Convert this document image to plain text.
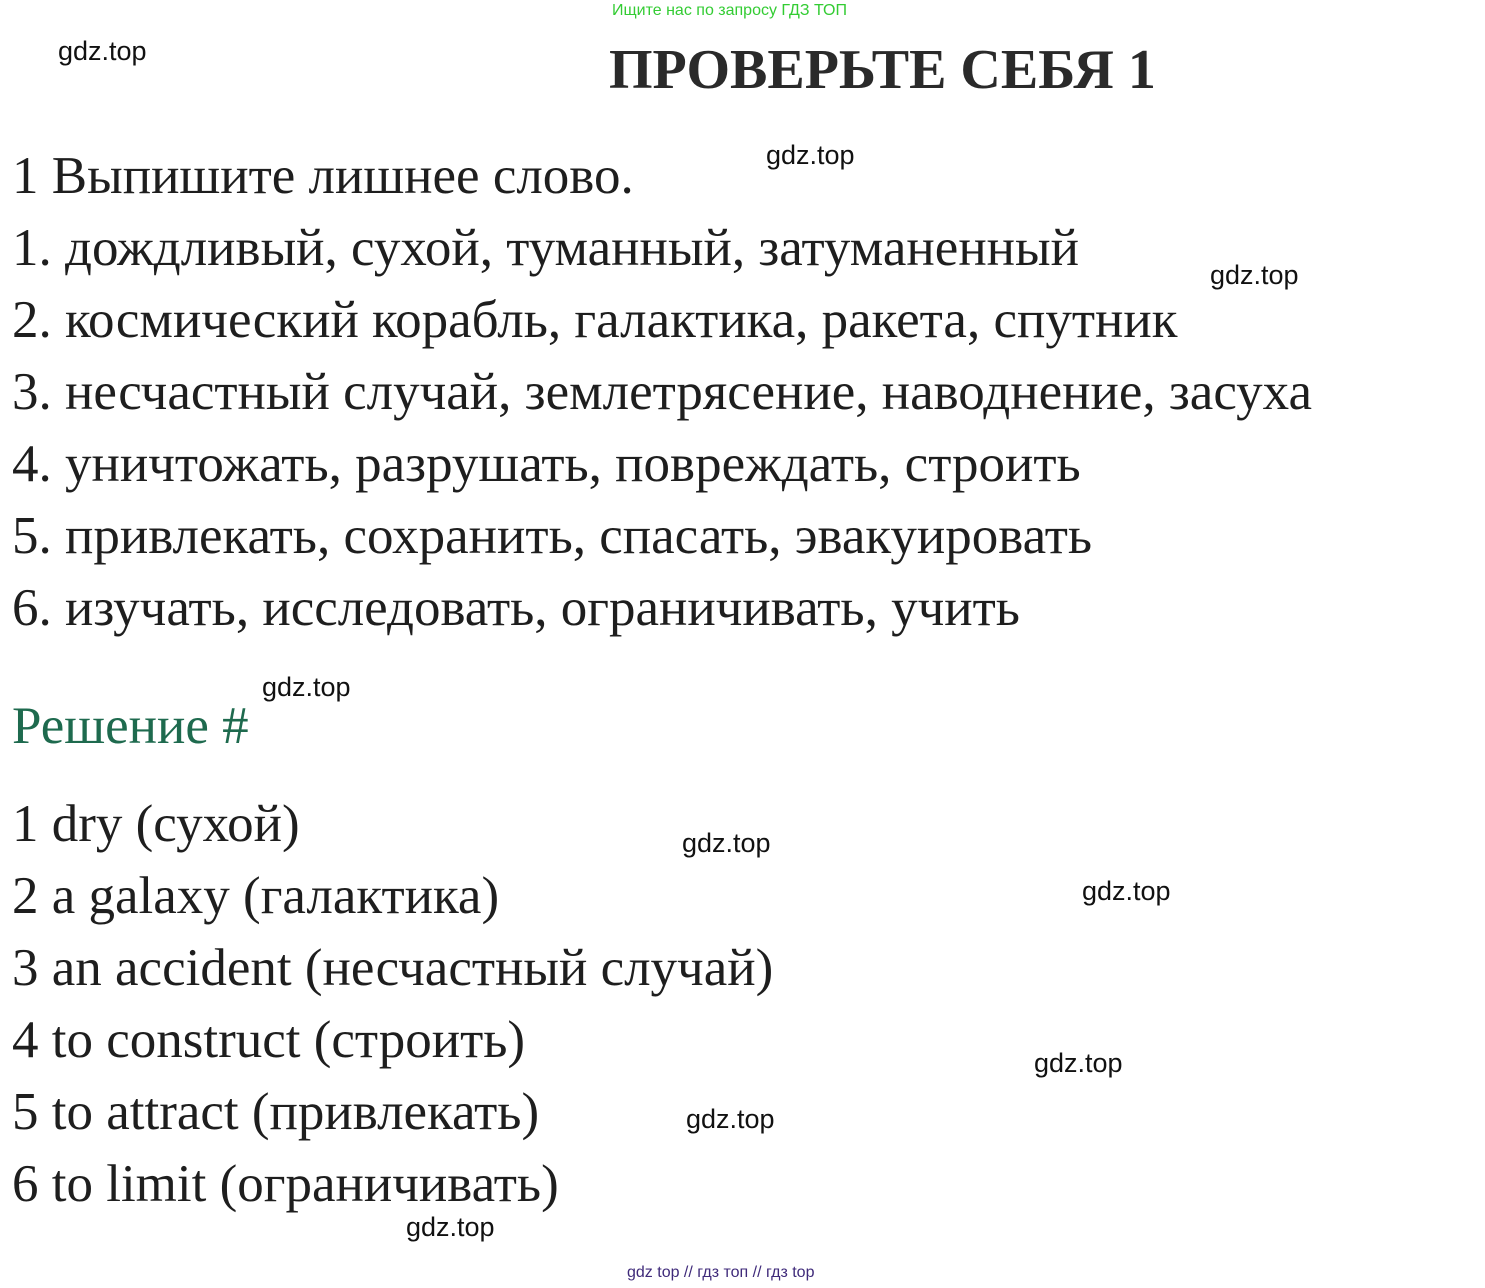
Ищите нас по запросу ГДЗ ТОП
ПРОВЕРЬТЕ СЕБЯ 1
1 Выпишите лишнее слово.
1. дождливый, сухой, туманный, затуманенный
2. космический корабль, галактика, ракета, спутник
3. несчастный случай, землетрясение, наводнение, засуха
4. уничтожать, разрушать, повреждать, строить
5. привлекать, сохранить, спасать, эвакуировать
6. изучать, исследовать, ограничивать, учить
Решение #
1 dry (сухой)
2 a galaxy (галактика)
3 an accident (несчастный случай)
4 to construct (строить)
5 to attract (привлекать)
6 to limit (ограничивать)
gdz.top
gdz.top
gdz.top
gdz.top
gdz.top
gdz.top
gdz.top
gdz.top
gdz.top
gdz top // гдз топ // гдз top
